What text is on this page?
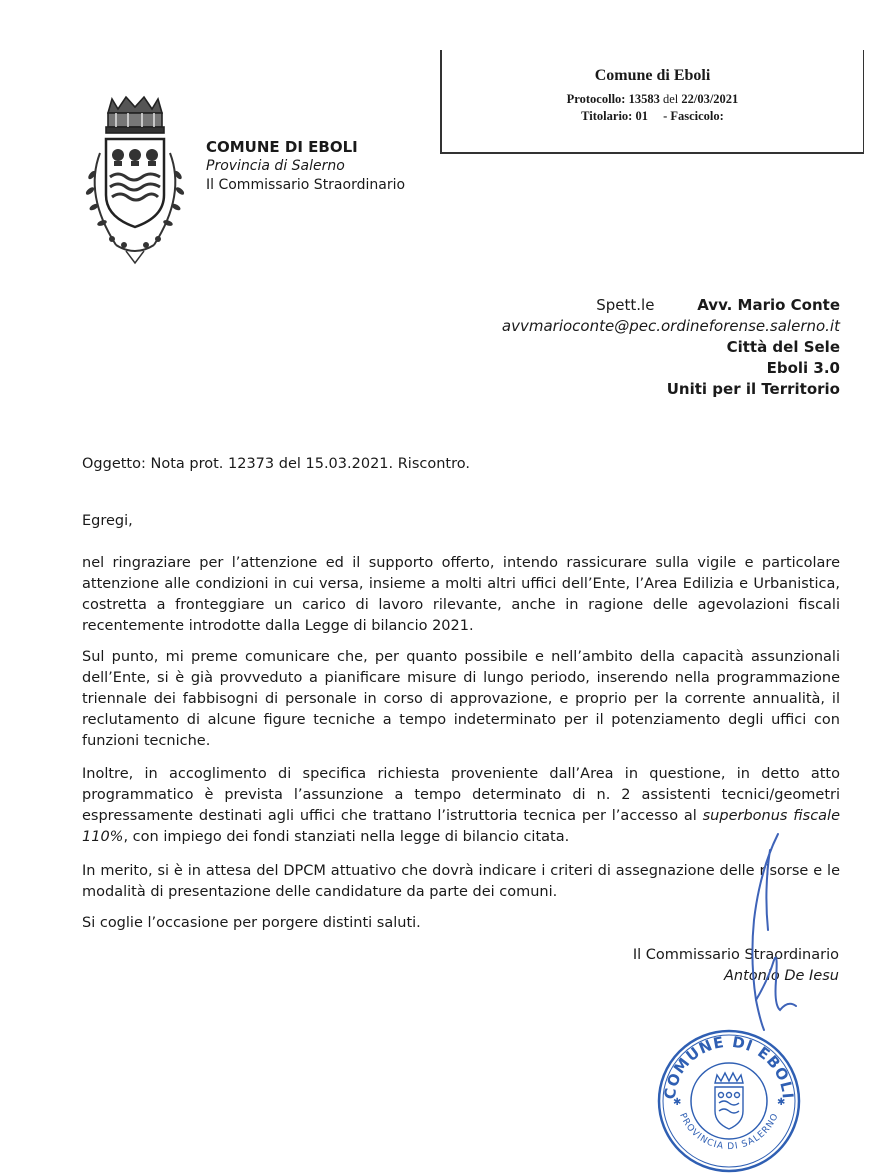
Comune di Eboli
Protocollo: 13583 del 22/03/2021
Titolario: 01 - Fascicolo:
COMUNE DI EBOLI
Provincia di Salerno
Il Commissario Straordinario
Spett.le	Avv. Mario Conte
avvmarioconte@pec.ordineforense.salerno.it
Città del Sele
Eboli 3.0
Uniti per il Territorio
Oggetto: Nota prot. 12373 del 15.03.2021. Riscontro.
Egregi,

nel ringraziare per l’attenzione ed il supporto offerto, intendo rassicurare sulla vigile e particolare attenzione alle condizioni in cui versa, insieme a molti altri uffici dell’Ente, l’Area Edilizia e Urbanistica, costretta a fronteggiare un carico di lavoro rilevante, anche in ragione delle agevolazioni fiscali recentemente introdotte dalla Legge di bilancio 2021.

Sul punto, mi preme comunicare che, per quanto possibile e nell’ambito della capacità assunzionali dell’Ente, si è già provveduto a pianificare misure di lungo periodo, inserendo nella programmazione triennale dei fabbisogni di personale in corso di approvazione, e proprio per la corrente annualità, il reclutamento di alcune figure tecniche a tempo indeterminato per il potenziamento degli uffici con funzioni tecniche.

Inoltre, in accoglimento di specifica richiesta proveniente dall’Area in questione, in detto atto programmatico è prevista l’assunzione a tempo determinato di n. 2 assistenti tecnici/geometri espressamente destinati agli uffici che trattano l’istruttoria tecnica per l’accesso al superbonus fiscale 110%, con impiego dei fondi stanziati nella legge di bilancio citata.

In merito, si è in attesa del DPCM attuativo che dovrà indicare i criteri di assegnazione delle risorse e le modalità di presentazione delle candidature da parte dei comuni.

Si coglie l’occasione per porgere distinti saluti.

Il Commissario Straordinario
Antonio De Iesu
COMUNE DI EBOLI
PROVINCIA DI SALERNO
✱	✱
